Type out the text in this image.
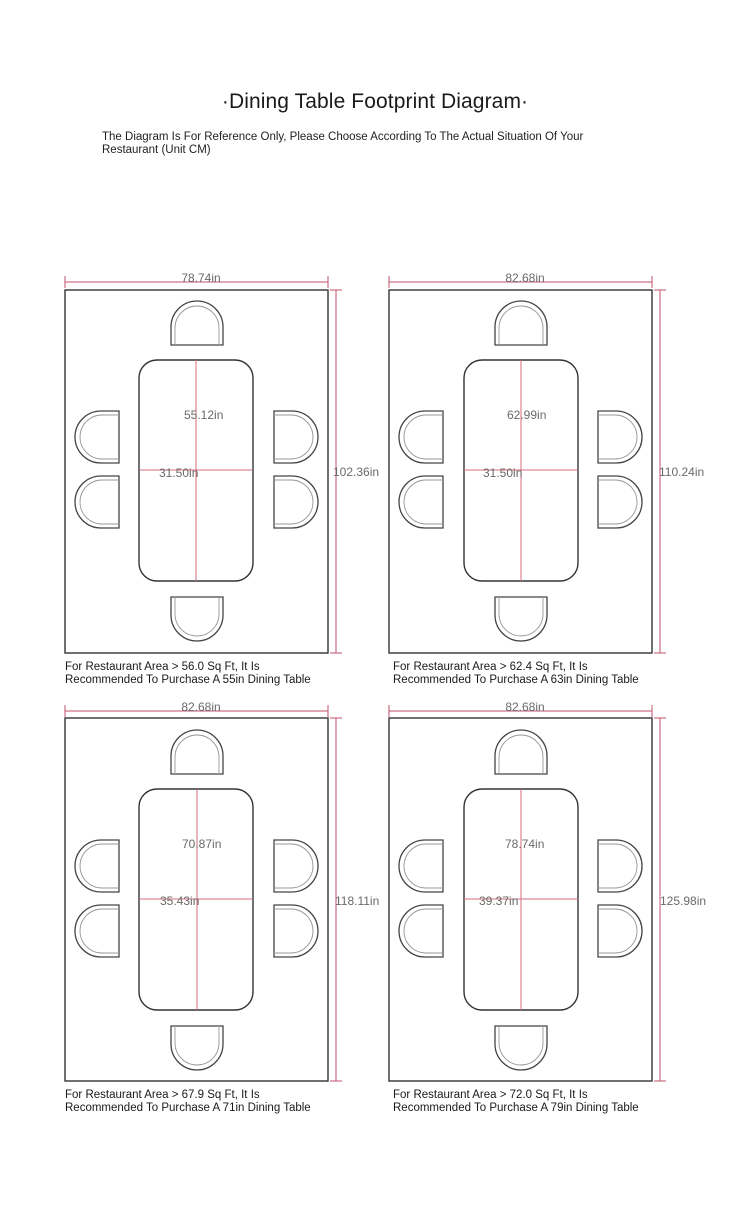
·Dining Table Footprint Diagram·
The Diagram Is For Reference Only, Please Choose According To The Actual Situation Of Your Restaurant (Unit CM)
78.74in
102.36in
55.12in
31.50in
82.68in
110.24in
62.99in
31.50in
82.68in
118.11in
70.87in
35.43in
82.68in
125.98in
78.74in
39.37in
For Restaurant Area > 56.0 Sq Ft, It Is
Recommended To Purchase A 55in Dining Table
For Restaurant Area > 62.4 Sq Ft, It Is
Recommended To Purchase A 63in Dining Table
For Restaurant Area > 67.9 Sq Ft, It Is
Recommended To Purchase A 71in Dining Table
For Restaurant Area > 72.0 Sq Ft, It Is
Recommended To Purchase A 79in Dining Table
